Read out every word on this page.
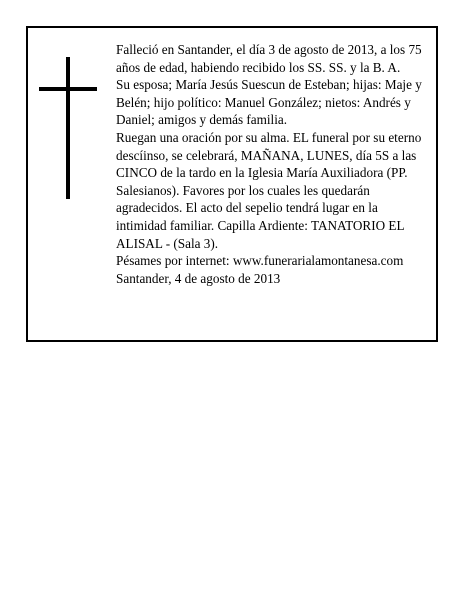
Falleció en Santander, el día 3 de agosto de 2013, a los 75 años de edad, habiendo recibido los SS. SS. y la B. A.

Su esposa; María Jesús Suescun de Esteban; hijas: Maje y Belén; hijo político: Manuel González; nietos: Andrés y Daniel; amigos y demás familia.

Ruegan una oración por su alma. EL funeral por su eterno descíinso, se celebrará, MAÑANA, LUNES, día 5S a las CINCO de la tardo en la Iglesia María Auxiliadora (PP. Salesianos). Favores por los cuales les quedarán agradecidos. El acto del sepelio tendrá lugar en la intimidad familiar. Capilla Ardiente: TANATORIO EL ALISAL - (Sala 3).

Pésames por internet: www.funerarialamontanesa.com

Santander, 4 de agosto de 2013
